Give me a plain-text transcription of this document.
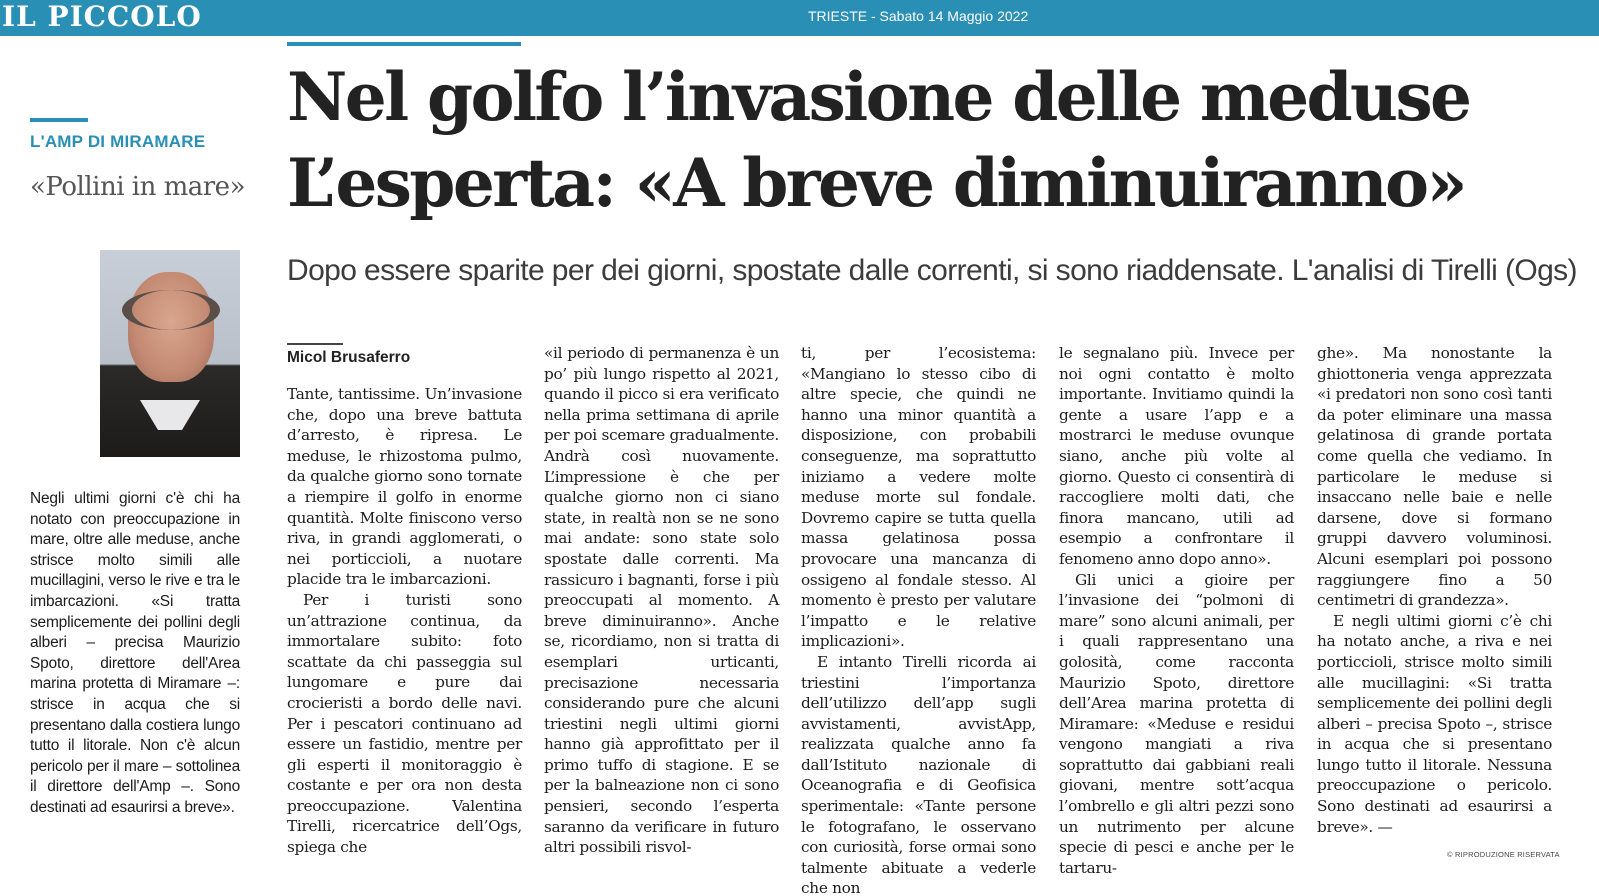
IL PICCOLO	TRIESTE - Sabato 14 Maggio 2022
L'AMP DI MIRAMARE
«Pollini in mare»

Negli ultimi giorni c'è chi ha notato con preoccupazione in mare, oltre alle meduse, anche strisce molto simili alle mucillagini, verso le rive e tra le imbarcazioni. «Si tratta semplicemente dei pollini degli alberi – precisa Maurizio Spoto, direttore dell'Area marina protetta di Miramare –: strisce in acqua che si presentano dalla costiera lungo tutto il litorale. Non c'è alcun pericolo per il mare – sottolinea il direttore dell'Amp –. Sono destinati ad esaurirsi a breve».

Nel golfo l’invasione delle meduse
L’esperta: «A breve diminuiranno»
Dopo essere sparite per dei giorni, spostate dalle correnti, si sono riaddensate. L'analisi di Tirelli (Ogs)
Micol Brusaferro

Tante, tantissime. Un’invasione che, dopo una breve battuta d’arresto, è ripresa. Le meduse, le rhizostoma pulmo, da qualche giorno sono tornate a riempire il golfo in enorme quantità. Molte finiscono verso riva, in grandi agglomerati, o nei porticcioli, a nuotare placide tra le imbarcazioni.

Per i turisti sono un’attrazione continua, da immortalare subito: foto scattate da chi passeggia sul lungomare e pure dai crocieristi a bordo delle navi. Per i pescatori continuano ad essere un fastidio, mentre per gli esperti il monitoraggio è costante e per ora non desta preoccupazione. Valentina Tirelli, ricercatrice dell’Ogs, spiega che

«il periodo di permanenza è un po’ più lungo rispetto al 2021, quando il picco si era verificato nella prima settimana di aprile per poi scemare gradualmente. Andrà così nuovamente. L’impressione è che per qualche giorno non ci siano state, in realtà non se ne sono mai andate: sono state solo spostate dalle correnti. Ma rassicuro i bagnanti, forse i più preoccupati al momento. A breve diminuiranno». Anche se, ricordiamo, non si tratta di esemplari urticanti, precisazione necessaria considerando pure che alcuni triestini negli ultimi giorni hanno già approfittato per il primo tuffo di stagione. E se per la balneazione non ci sono pensieri, secondo l’esperta saranno da verificare in futuro altri possibili risvol-

ti, per l’ecosistema: «Mangiano lo stesso cibo di altre specie, che quindi ne hanno una minor quantità a disposizione, con probabili conseguenze, ma soprattutto iniziamo a vedere molte meduse morte sul fondale. Dovremo capire se tutta quella massa gelatinosa possa provocare una mancanza di ossigeno al fondale stesso. Al momento è presto per valutare l’impatto e le relative implicazioni».

E intanto Tirelli ricorda ai triestini l’importanza dell’utilizzo dell’app sugli avvistamenti, avvistApp, realizzata qualche anno fa dall’Istituto nazionale di Oceanografia e di Geofisica sperimentale: «Tante persone le fotografano, le osservano con curiosità, forse ormai sono talmente abituate a vederle che non

le segnalano più. Invece per noi ogni contatto è molto importante. Invitiamo quindi la gente a usare l’app e a mostrarci le meduse ovunque siano, anche più volte al giorno. Questo ci consentirà di raccogliere molti dati, che finora mancano, utili ad esempio a confrontare il fenomeno anno dopo anno».

Gli unici a gioire per l’invasione dei “polmoni di mare” sono alcuni animali, per i quali rappresentano una golosità, come racconta Maurizio Spoto, direttore dell’Area marina protetta di Miramare: «Meduse e residui vengono mangiati a riva soprattutto dai gabbiani reali giovani, mentre sott’acqua l’ombrello e gli altri pezzi sono un nutrimento per alcune specie di pesci e anche per le tartaru-

ghe». Ma nonostante la ghiottoneria venga apprezzata «i predatori non sono così tanti da poter eliminare una massa gelatinosa di grande portata come quella che vediamo. In particolare le meduse si insaccano nelle baie e nelle darsene, dove si formano gruppi davvero voluminosi. Alcuni esemplari poi possono raggiungere fino a 50 centimetri di grandezza».

E negli ultimi giorni c’è chi ha notato anche, a riva e nei porticcioli, strisce molto simili alle mucillagini: «Si tratta semplicemente dei pollini degli alberi – precisa Spoto –, strisce in acqua che si presentano lungo tutto il litorale. Nessuna preoccupazione o pericolo. Sono destinati ad esaurirsi a breve». —

© RIPRODUZIONE RISERVATA
